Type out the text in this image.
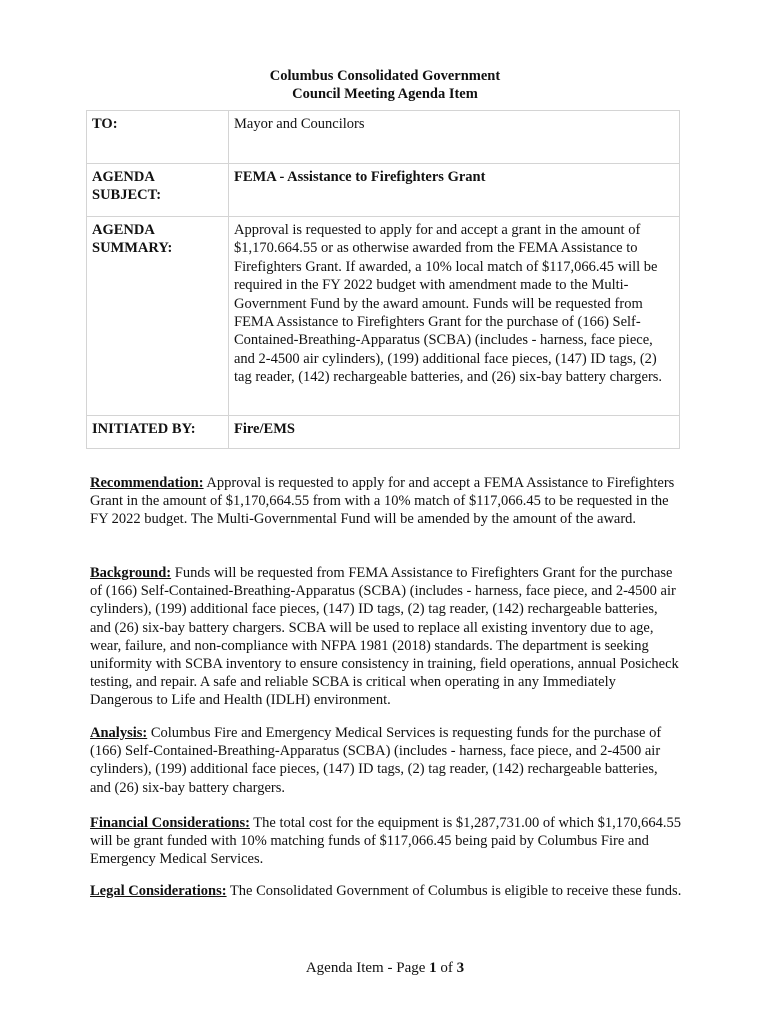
Columbus Consolidated Government
Council Meeting Agenda Item
TO:	Mayor and Councilors
AGENDA SUBJECT:	FEMA - Assistance to Firefighters Grant
AGENDA SUMMARY:	Approval is requested to apply for and accept a grant in the amount of $1,170.664.55 or as otherwise awarded from the FEMA Assistance to Firefighters Grant. If awarded, a 10% local match of $117,066.45 will be required in the FY 2022 budget with amendment made to the Multi-Government Fund by the award amount. Funds will be requested from FEMA Assistance to Firefighters Grant for the purchase of (166) Self-Contained-Breathing-Apparatus (SCBA) (includes - harness, face piece, and 2-4500 air cylinders), (199) additional face pieces, (147) ID tags, (2) tag reader, (142) rechargeable batteries, and (26) six-bay battery chargers.
INITIATED BY:	Fire/EMS
Recommendation: Approval is requested to apply for and accept a FEMA Assistance to Firefighters Grant in the amount of $1,170,664.55 from with a 10% match of $117,066.45 to be requested in the FY 2022 budget. The Multi-Governmental Fund will be amended by the amount of the award.
Background: Funds will be requested from FEMA Assistance to Firefighters Grant for the purchase of (166) Self-Contained-Breathing-Apparatus (SCBA) (includes - harness, face piece, and 2-4500 air cylinders), (199) additional face pieces, (147) ID tags, (2) tag reader, (142) rechargeable batteries, and (26) six-bay battery chargers. SCBA will be used to replace all existing inventory due to age, wear, failure, and non-compliance with NFPA 1981 (2018) standards. The department is seeking uniformity with SCBA inventory to ensure consistency in training, field operations, annual Posicheck testing, and repair. A safe and reliable SCBA is critical when operating in any Immediately Dangerous to Life and Health (IDLH) environment.
Analysis: Columbus Fire and Emergency Medical Services is requesting funds for the purchase of (166) Self-Contained-Breathing-Apparatus (SCBA) (includes - harness, face piece, and 2-4500 air cylinders), (199) additional face pieces, (147) ID tags, (2) tag reader, (142) rechargeable batteries, and (26) six-bay battery chargers.
Financial Considerations: The total cost for the equipment is $1,287,731.00 of which $1,170,664.55 will be grant funded with 10% matching funds of $117,066.45 being paid by Columbus Fire and Emergency Medical Services.
Legal Considerations: The Consolidated Government of Columbus is eligible to receive these funds.
Agenda Item - Page 1 of 3
